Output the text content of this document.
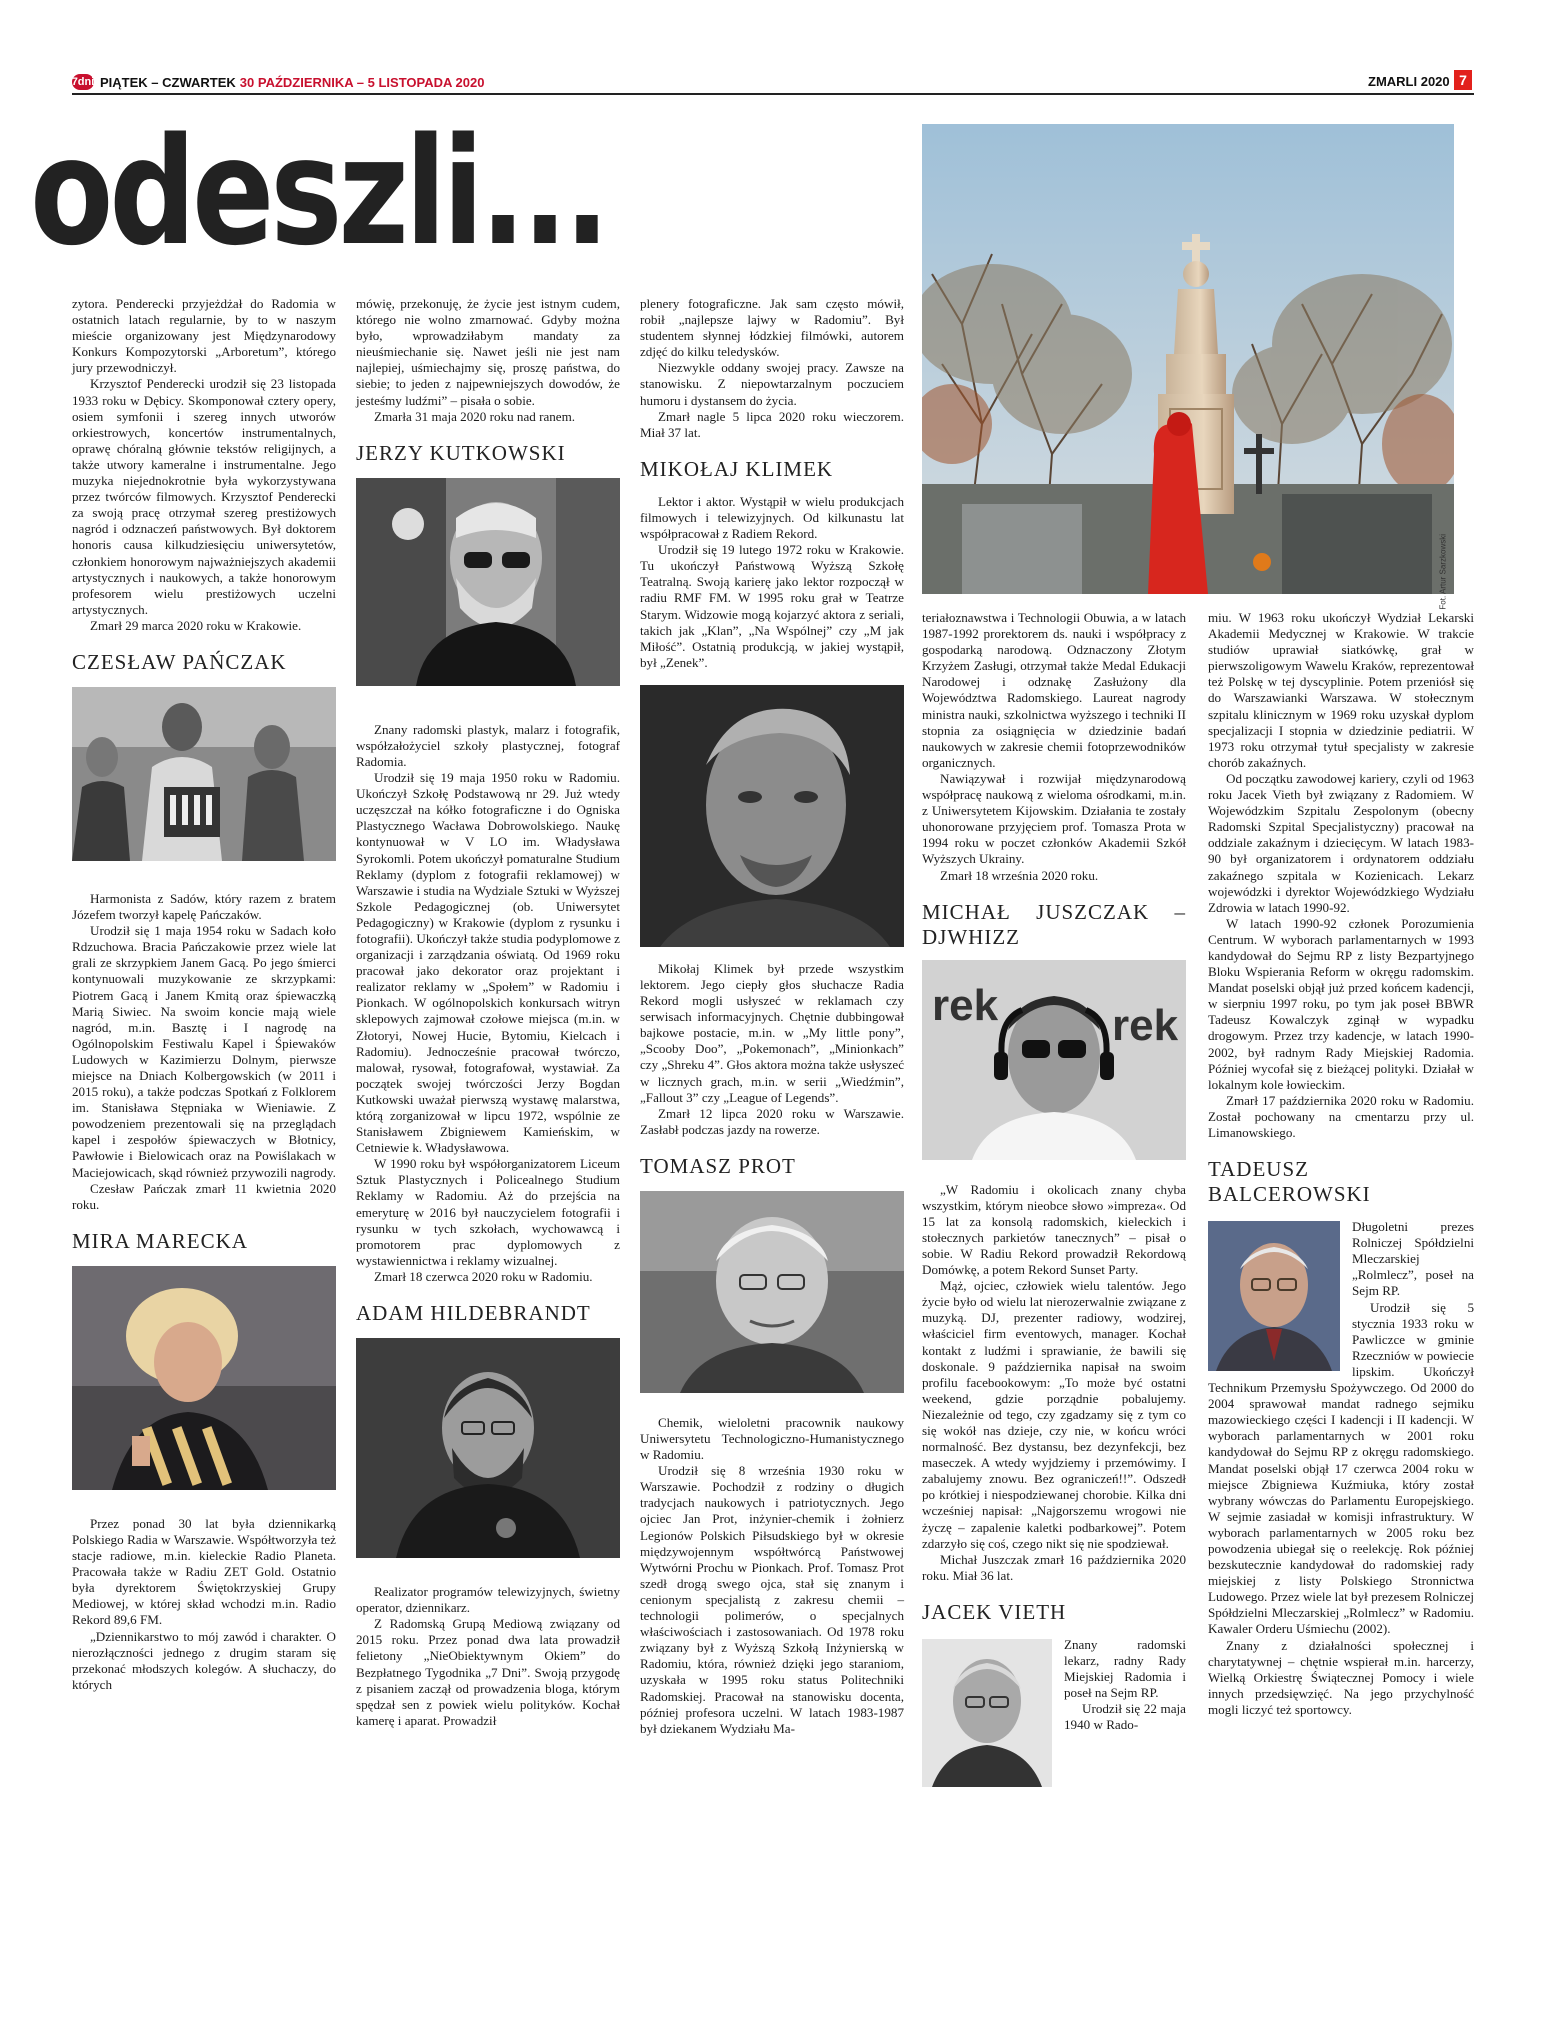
7dni PIĄTEK – CZWARTEK 30 PAŹDZIERNIKA – 5 LISTOPADA 2020	ZMARLI 2020 7
odeszli...
Fot. Artur Sarzkowski

zytora. Penderecki przyjeżdżał do Radomia w ostatnich latach regularnie, by to w naszym mieście organizowany jest Międzynarodowy Konkurs Kompozytorski „Arboretum”, którego jury przewodniczył.

Krzysztof Penderecki urodził się 23 listopada 1933 roku w Dębicy. Skomponował cztery opery, osiem symfonii i szereg innych utworów orkiestrowych, koncertów instrumentalnych, oprawę chóralną głównie tekstów religijnych, a także utwory kameralne i instrumentalne. Jego muzyka niejednokrotnie była wykorzystywana przez twórców filmowych. Krzysztof Penderecki za swoją pracę otrzymał szereg prestiżowych nagród i odznaczeń państwowych. Był doktorem honoris causa kilkudziesięciu uniwersytetów, członkiem honorowym najważniejszych akademii artystycznych i naukowych, a także honorowym profesorem wielu prestiżowych uczelni artystycznych.

Zmarł 29 marca 2020 roku w Krakowie.

CZESŁAW PAŃCZAK

Harmonista z Sadów, który razem z bratem Józefem tworzył kapelę Pańczaków.

Urodził się 1 maja 1954 roku w Sadach koło Rdzuchowa. Bracia Pańczakowie przez wiele lat grali ze skrzypkiem Janem Gacą. Po jego śmierci kontynuowali muzykowanie ze skrzypkami: Piotrem Gacą i Janem Kmitą oraz śpiewaczką Marią Siwiec. Na swoim koncie mają wiele nagród, m.in. Basztę i I nagrodę na Ogólnopolskim Festiwalu Kapel i Śpiewaków Ludowych w Kazimierzu Dolnym, pierwsze miejsce na Dniach Kolbergowskich (w 2011 i 2015 roku), a także podczas Spotkań z Folklorem im. Stanisława Stępniaka w Wieniawie. Z powodzeniem prezentowali się na przeglądach kapel i zespołów śpiewaczych w Błotnicy, Pawłowie i Bielowicach oraz na Powiślakach w Maciejowicach, skąd również przywozili nagrody.

Czesław Pańczak zmarł 11 kwietnia 2020 roku.

MIRA MARECKA

Przez ponad 30 lat była dziennikarką Polskiego Radia w Warszawie. Współtworzyła też stacje radiowe, m.in. kieleckie Radio Planeta. Pracowała także w Radiu ZET Gold. Ostatnio była dyrektorem Świętokrzyskiej Grupy Mediowej, w której skład wchodzi m.in. Radio Rekord 89,6 FM.

„Dziennikarstwo to mój zawód i charakter. O nierozłączności jednego z drugim staram się przekonać młodszych kolegów. A słuchaczy, do których

mówię, przekonuję, że życie jest istnym cudem, którego nie wolno zmarnować. Gdyby można było, wprowadziłabym mandaty za nieuśmiechanie się. Nawet jeśli nie jest nam najlepiej, uśmiechajmy się, proszę państwa, do siebie; to jeden z najpewniejszych dowodów, że jesteśmy ludźmi” – pisała o sobie.

Zmarła 31 maja 2020 roku nad ranem.

JERZY KUTKOWSKI

Znany radomski plastyk, malarz i fotografik, współzałożyciel szkoły plastycznej, fotograf Radomia.

Urodził się 19 maja 1950 roku w Radomiu. Ukończył Szkołę Podstawową nr 29. Już wtedy uczęszczał na kółko fotograficzne i do Ogniska Plastycznego Wacława Dobrowolskiego. Naukę kontynuował w V LO im. Władysława Syrokomli. Potem ukończył pomaturalne Studium Reklamy (dyplom z fotografii reklamowej) w Warszawie i studia na Wydziale Sztuki w Wyższej Szkole Pedagogicznej (ob. Uniwersytet Pedagogiczny) w Krakowie (dyplom z rysunku i fotografii). Ukończył także studia podyplomowe z organizacji i zarządzania oświatą. Od 1969 roku pracował jako dekorator oraz projektant i realizator reklamy w „Społem” w Radomiu i Pionkach. W ogólnopolskich konkursach witryn sklepowych zajmował czołowe miejsca (m.in. w Złotoryi, Nowej Hucie, Bytomiu, Kielcach i Radomiu). Jednocześnie pracował twórczo, malował, rysował, fotografował, wystawiał. Za początek swojej twórczości Jerzy Bogdan Kutkowski uważał pierwszą wystawę malarstwa, którą zorganizował w lipcu 1972, wspólnie ze Stanisławem Zbigniewem Kamieńskim, w Cetniewie k. Władysławowa.

W 1990 roku był współorganizatorem Liceum Sztuk Plastycznych i Policealnego Studium Reklamy w Radomiu. Aż do przejścia na emeryturę w 2016 był nauczycielem fotografii i rysunku w tych szkołach, wychowawcą i promotorem prac dyplomowych z wystawiennictwa i reklamy wizualnej.

Zmarł 18 czerwca 2020 roku w Radomiu.

ADAM HILDEBRANDT

Realizator programów telewizyjnych, świetny operator, dziennikarz.

Z Radomską Grupą Mediową związany od 2015 roku. Przez ponad dwa lata prowadził felietony „NieObiektywnym Okiem” do Bezpłatnego Tygodnika „7 Dni”. Swoją przygodę z pisaniem zaczął od prowadzenia bloga, którym spędzał sen z powiek wielu polityków. Kochał kamerę i aparat. Prowadził

plenery fotograficzne. Jak sam często mówił, robił „najlepsze lajwy w Radomiu”. Był studentem słynnej łódzkiej filmówki, autorem zdjęć do kilku teledysków.

Niezwykle oddany swojej pracy. Zawsze na stanowisku. Z niepowtarzalnym poczuciem humoru i dystansem do życia.

Zmarł nagle 5 lipca 2020 roku wieczorem. Miał 37 lat.

MIKOŁAJ KLIMEK

Lektor i aktor. Wystąpił w wielu produkcjach filmowych i telewizyjnych. Od kilkunastu lat współpracował z Radiem Rekord.

Urodził się 19 lutego 1972 roku w Krakowie. Tu ukończył Państwową Wyższą Szkołę Teatralną. Swoją karierę jako lektor rozpoczął w radiu RMF FM. W 1995 roku grał w Teatrze Starym. Widzowie mogą kojarzyć aktora z seriali, takich jak „Klan”, „Na Wspólnej” czy „M jak Miłość”. Ostatnią produkcją, w jakiej wystąpił, był „Zenek”.

Mikołaj Klimek był przede wszystkim lektorem. Jego ciepły głos słuchacze Radia Rekord mogli usłyszeć w reklamach czy serwisach informacyjnych. Chętnie dubbingował bajkowe postacie, m.in. w „My little pony”, „Scooby Doo”, „Pokemonach”, „Minionkach” czy „Shreku 4”. Głos aktora można także usłyszeć w licznych grach, m.in. w serii „Wiedźmin”, „Fallout 3” czy „League of Legends”.

Zmarł 12 lipca 2020 roku w Warszawie. Zasłabł podczas jazdy na rowerze.

TOMASZ PROT

Chemik, wieloletni pracownik naukowy Uniwersytetu Technologiczno-Humanistycznego w Radomiu.

Urodził się 8 września 1930 roku w Warszawie. Pochodził z rodziny o długich tradycjach naukowych i patriotycznych. Jego ojciec Jan Prot, inżynier-chemik i żołnierz Legionów Polskich Piłsudskiego był w okresie międzywojennym współtwórcą Państwowej Wytwórni Prochu w Pionkach. Prof. Tomasz Prot szedł drogą swego ojca, stał się znanym i cenionym specjalistą z zakresu chemii – technologii polimerów, o specjalnych właściwościach i zastosowaniach. Od 1978 roku związany był z Wyższą Szkołą Inżynierską w Radomiu, która, również dzięki jego staraniom, uzyskała w 1995 roku status Politechniki Radomskiej. Pracował na stanowisku docenta, później profesora uczelni. W latach 1983-1987 był dziekanem Wydziału Ma-

teriałoznawstwa i Technologii Obuwia, a w latach 1987-1992 prorektorem ds. nauki i współpracy z gospodarką narodową. Odznaczony Złotym Krzyżem Zasługi, otrzymał także Medal Edukacji Narodowej i odznakę Zasłużony dla Województwa Radomskiego. Laureat nagrody ministra nauki, szkolnictwa wyższego i techniki II stopnia za osiągnięcia w dziedzinie badań naukowych w zakresie chemii fotoprzewodników organicznych.

Nawiązywał i rozwijał międzynarodową współpracę naukową z wieloma ośrodkami, m.in. z Uniwersytetem Kijowskim. Działania te zostały uhonorowane przyjęciem prof. Tomasza Prota w 1994 roku w poczet członków Akademii Szkół Wyższych Ukrainy.

Zmarł 18 września 2020 roku.

MICHAŁ JUSZCZAK – DJWHIZZ
rek	rek

„W Radomiu i okolicach znany chyba wszystkim, którym nieobce słowo »impreza«. Od 15 lat za konsolą radomskich, kieleckich i stołecznych parkietów tanecznych” – pisał o sobie. W Radiu Rekord prowadził Rekordową Domówkę, a potem Rekord Sunset Party.

Mąż, ojciec, człowiek wielu talentów. Jego życie było od wielu lat nierozerwalnie związane z muzyką. DJ, prezenter radiowy, wodzirej, właściciel firm eventowych, manager. Kochał kontakt z ludźmi i sprawianie, że bawili się doskonale. 9 października napisał na swoim profilu facebookowym: „To może być ostatni weekend, gdzie porządnie pobalujemy. Niezależnie od tego, czy zgadzamy się z tym co się wokół nas dzieje, czy nie, w końcu wróci normalność. Bez dystansu, bez dezynfekcji, bez maseczek. A wtedy wyjdziemy i przemówimy. I zabalujemy znowu. Bez ograniczeń!!”. Odszedł po krótkiej i niespodziewanej chorobie. Kilka dni wcześniej napisał: „Najgorszemu wrogowi nie życzę – zapalenie kaletki podbarkowej”. Potem zdarzyło się coś, czego nikt się nie spodziewał.

Michał Juszczak zmarł 16 października 2020 roku. Miał 36 lat.

JACEK VIETH

Znany radomski lekarz, radny Rady Miejskiej Radomia i poseł na Sejm RP.

Urodził się 22 maja 1940 w Rado-

miu. W 1963 roku ukończył Wydział Lekarski Akademii Medycznej w Krakowie. W trakcie studiów uprawiał siatkówkę, grał w pierwszoligowym Wawelu Kraków, reprezentował też Polskę w tej dyscyplinie. Potem przeniósł się do Warszawianki Warszawa. W stołecznym szpitalu klinicznym w 1969 roku uzyskał dyplom specjalizacji I stopnia w dziedzinie pediatrii. W 1973 roku otrzymał tytuł specjalisty w zakresie chorób zakaźnych.

Od początku zawodowej kariery, czyli od 1963 roku Jacek Vieth był związany z Radomiem. W Wojewódzkim Szpitalu Zespolonym (obecny Radomski Szpital Specjalistyczny) pracował na oddziale zakaźnym i dziecięcym. W latach 1983-90 był organizatorem i ordynatorem oddziału zakaźnego szpitala w Kozienicach. Lekarz wojewódzki i dyrektor Wojewódzkiego Wydziału Zdrowia w latach 1990-92.

W latach 1990-92 członek Porozumienia Centrum. W wyborach parlamentarnych w 1993 kandydował do Sejmu RP z listy Bezpartyjnego Bloku Wspierania Reform w okręgu radomskim. Mandat poselski objął już przed końcem kadencji, w sierpniu 1997 roku, po tym jak poseł BBWR Tadeusz Kowalczyk zginął w wypadku drogowym. Przez trzy kadencje, w latach 1990-2002, był radnym Rady Miejskiej Radomia. Później wycofał się z bieżącej polityki. Działał w lokalnym kole łowieckim.

Zmarł 17 października 2020 roku w Radomiu. Został pochowany na cmentarzu przy ul. Limanowskiego.

TADEUSZ BALCEROWSKI

Długoletni prezes Rolniczej Spółdzielni Mleczarskiej „Rolmlecz”, poseł na Sejm RP.

Urodził się 5 stycznia 1933 roku w Pawliczce w gminie Rzeczniów w powiecie lipskim. Ukończył Technikum Przemysłu Spożywczego. Od 2000 do 2004 sprawował mandat radnego sejmiku mazowieckiego części I kadencji i II kadencji. W wyborach parlamentarnych w 2001 roku kandydował do Sejmu RP z okręgu radomskiego. Mandat poselski objął 17 czerwca 2004 roku w miejsce Zbigniewa Kuźmiuka, który został wybrany wówczas do Parlamentu Europejskiego. W sejmie zasiadał w komisji infrastruktury. W wyborach parlamentarnych w 2005 roku bez powodzenia ubiegał się o reelekcję. Rok później bezskutecznie kandydował do radomskiej rady miejskiej z listy Polskiego Stronnictwa Ludowego. Przez wiele lat był prezesem Rolniczej Spółdzielni Mleczarskiej „Rolmlecz” w Radomiu. Kawaler Orderu Uśmiechu (2002).

Znany z działalności społecznej i charytatywnej – chętnie wspierał m.in. harcerzy, Wielką Orkiestrę Świątecznej Pomocy i wiele innych przedsięwzięć. Na jego przychylność mogli liczyć też sportowcy.
